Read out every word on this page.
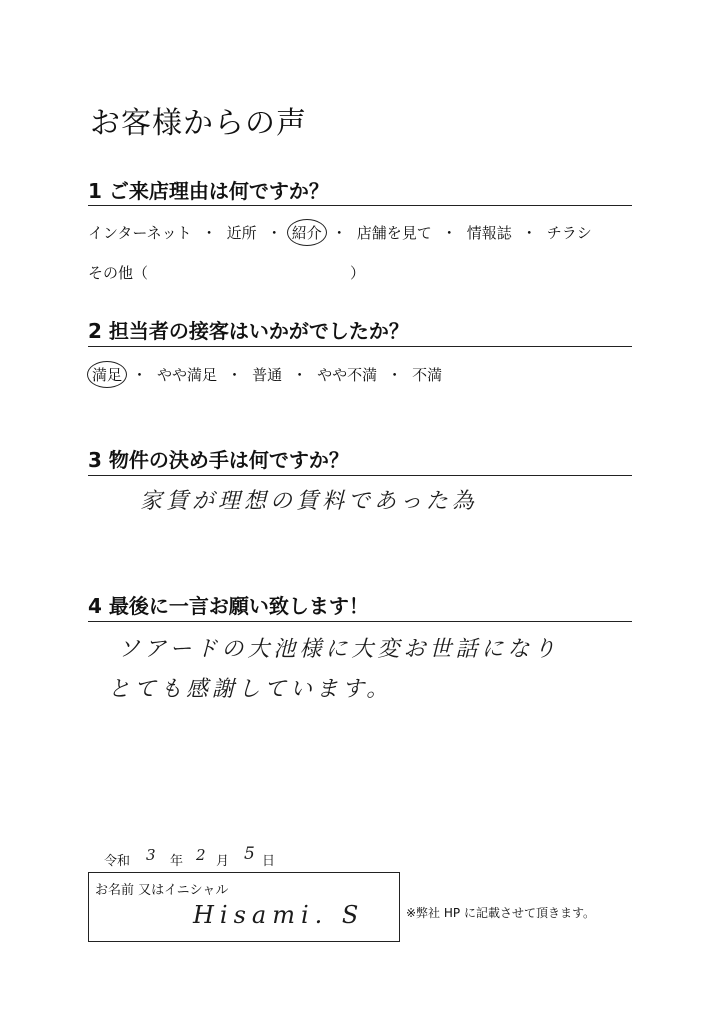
お客様からの声
1 ご来店理由は何ですか？
インターネット ・ 近所 ・ 紹介 ・ 店舗を見て ・ 情報誌 ・ チラシ
その他（	）
2 担当者の接客はいかがでしたか？
満足 ・ やや満足 ・ 普通 ・ やや不満 ・ 不満
3 物件の決め手は何ですか？
家賃が理想の賃料であった為
4 最後に一言お願い致します！
ソアードの大池様に大変お世話になり
とても感謝しています。
令和 3 年 2 月 5 日
お名前 又はイニシャル
Hisami. S	※弊社 HP に記載させて頂きます。
